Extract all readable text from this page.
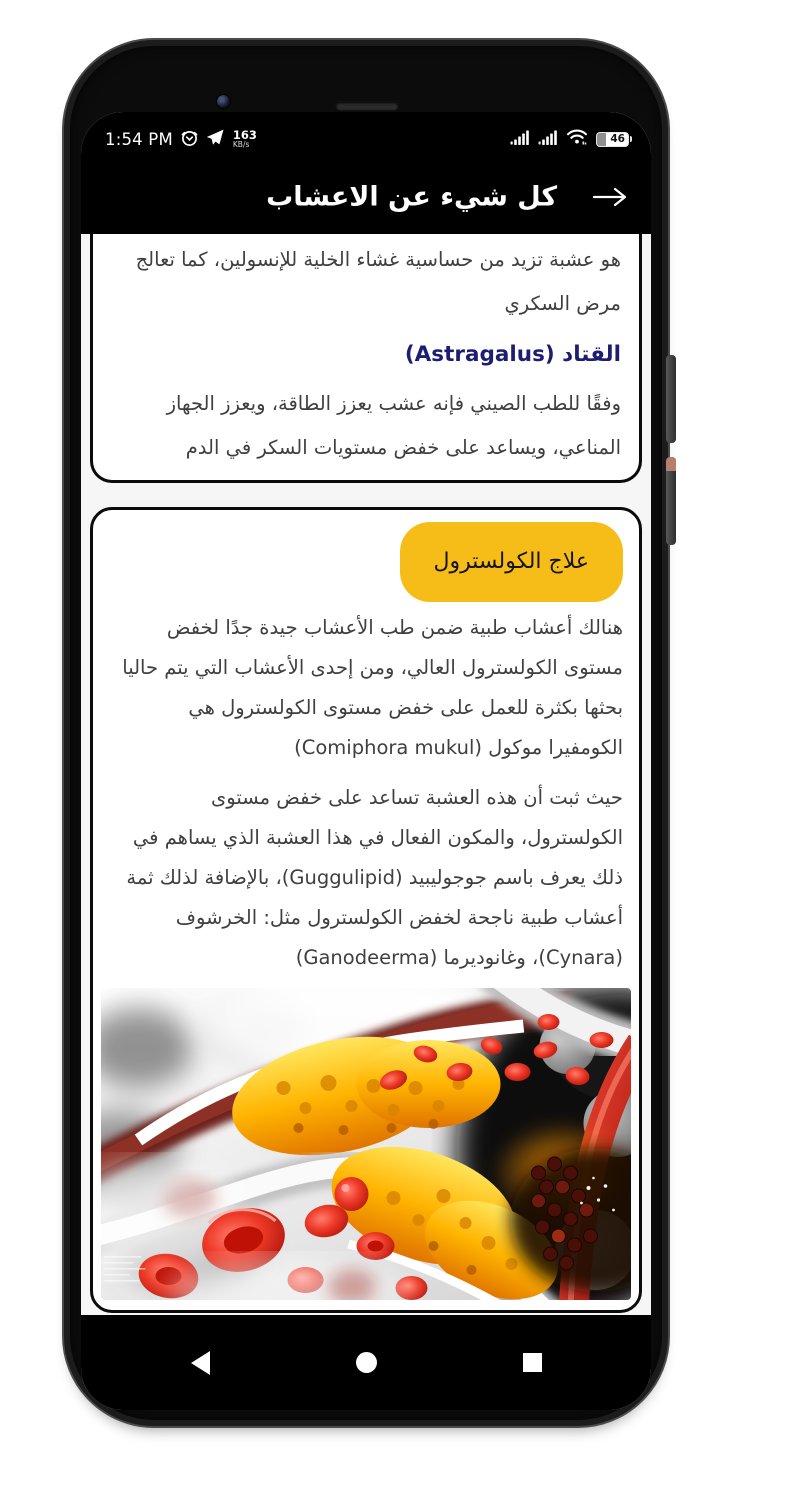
1:54 PM	163
KB/s	46
كل شيء عن الاعشاب

هو عشبة تزيد من حساسية غشاء الخلية للإنسولين، كما تعالج مرض السكري

القتاد (Astragalus)

وفقًا للطب الصيني فإنه عشب يعزز الطاقة، ويعزز الجهاز المناعي، ويساعد على خفض مستويات السكر في الدم

علاج الكولسترول

هنالك أعشاب طبية ضمن طب الأعشاب جيدة جدًا لخفض مستوى الكولسترول العالي، ومن إحدى الأعشاب التي يتم حاليا بحثها بكثرة للعمل على خفض مستوى الكولسترول هي الكومفيرا موكول (Comiphora mukul)

حيث ثبت أن هذه العشبة تساعد على خفض مستوى الكولسترول، والمكون الفعال في هذا العشبة الذي يساهم في ذلك يعرف باسم جوجوليبيد (Guggulipid)، بالإضافة لذلك ثمة أعشاب طبية ناجحة لخفض الكولسترول مثل: الخرشوف (Cynara)، وغانوديرما (Ganodeerma)
